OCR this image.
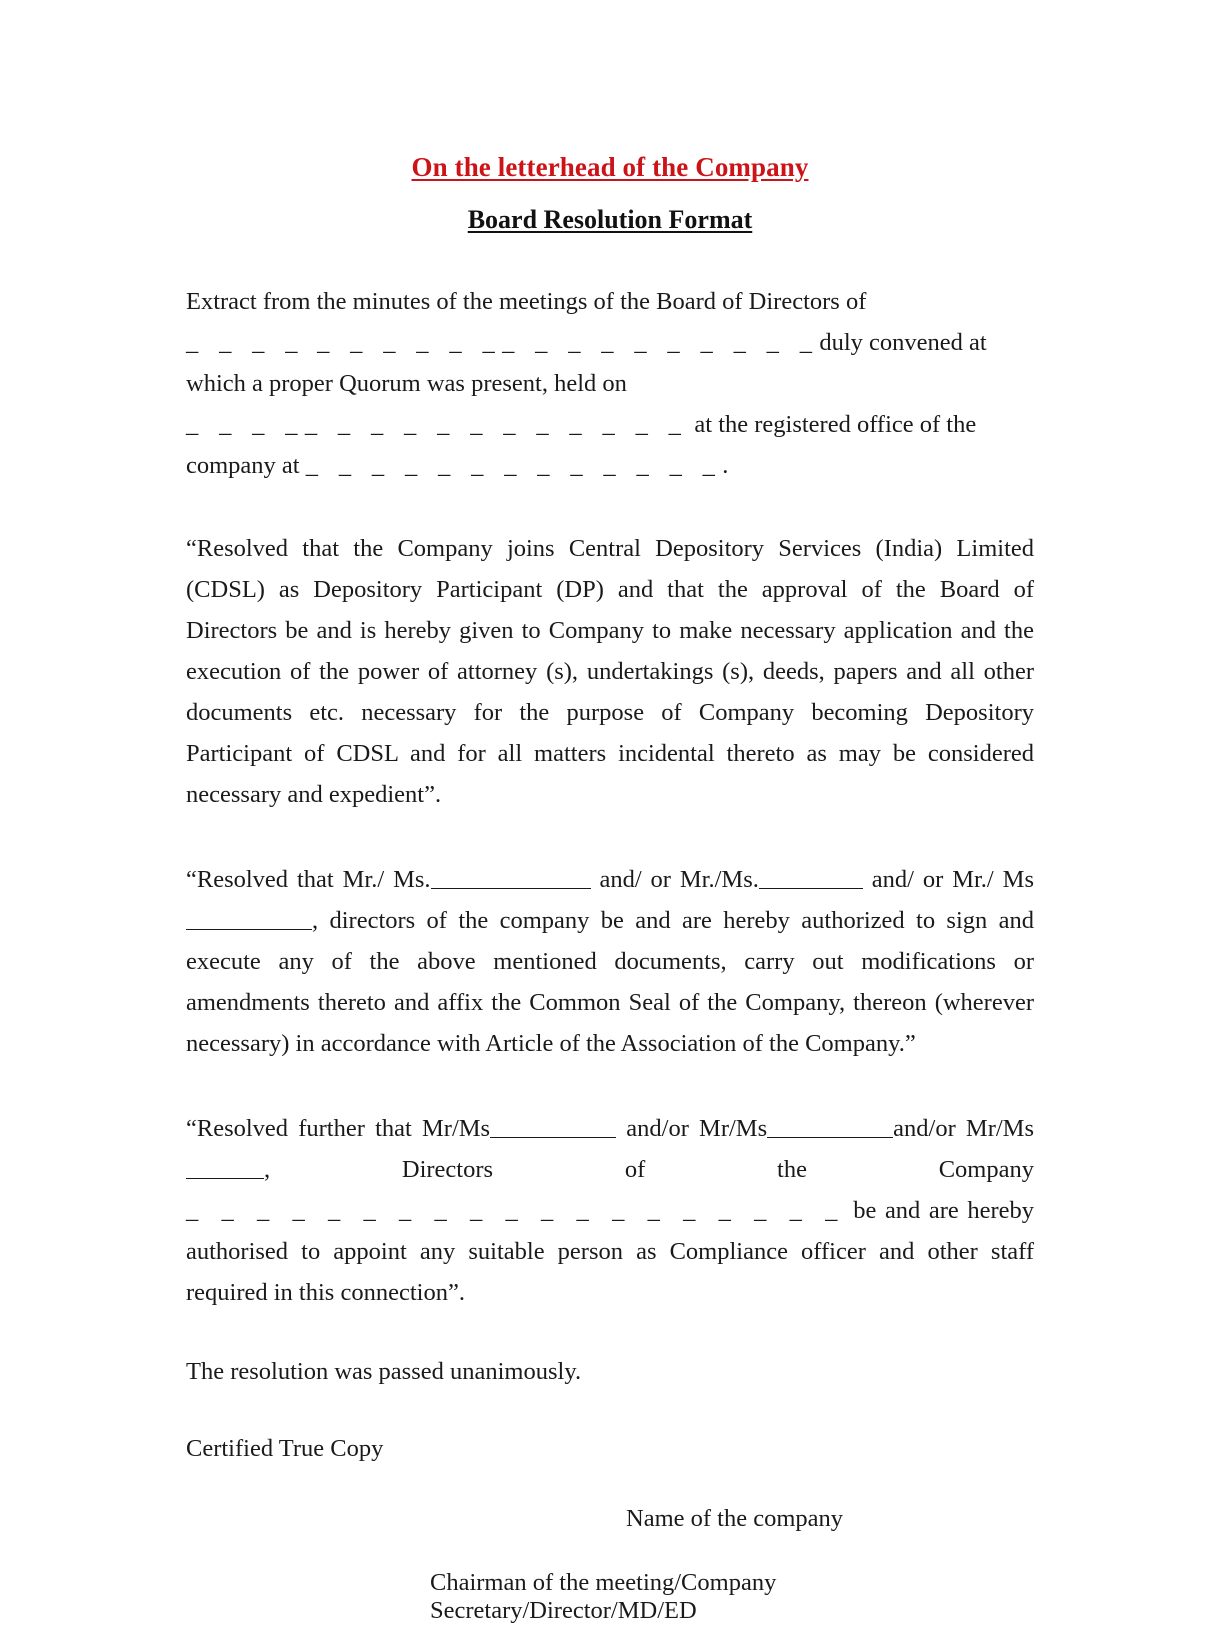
On the letterhead of the Company
Board Resolution Format

Extract from the minutes of the meetings of the Board of Directors of _ _ _ _ _ _ _ _ _ __ _ _ _ _ _ _ _ _ _duly convened at which a proper Quorum was present, held on _ _ _ __ _ _ _ _ _ _ _ _ _ _ _ at the registered office of the company at _ _ _ _ _ _ _ _ _ _ _ _ _.

“Resolved that the Company joins Central Depository Services (India) Limited (CDSL) as Depository Participant (DP) and that the approval of the Board of Directors be and is hereby given to Company to make necessary application and the execution of the power of attorney (s), undertakings (s), deeds, papers and all other documents etc. necessary for the purpose of Company becoming Depository Participant of CDSL and for all matters incidental thereto as may be considered necessary and expedient”.

“Resolved that Mr./ Ms.	and/ or Mr./Ms.	and/ or Mr./ Ms, directors of the company be and are hereby authorized to sign and execute any of the above mentioned documents, carry out modifications or amendments thereto and affix the Common Seal of the Company, thereon (wherever necessary) in accordance with Article of the Association of the Company.”

“Resolved further that Mr/Ms	and/or Mr/Ms	and/or Mr/Ms, Directors of the Company _ _ _ _ _ _ _ _ _ _ _ _ _ _ _ _ _ _ _ be and are hereby authorised to appoint any suitable person as Compliance officer and other staff required in this connection”.

The resolution was passed unanimously.

Certified True Copy

Name of the company

Chairman of the meeting/Company Secretary/Director/MD/ED
